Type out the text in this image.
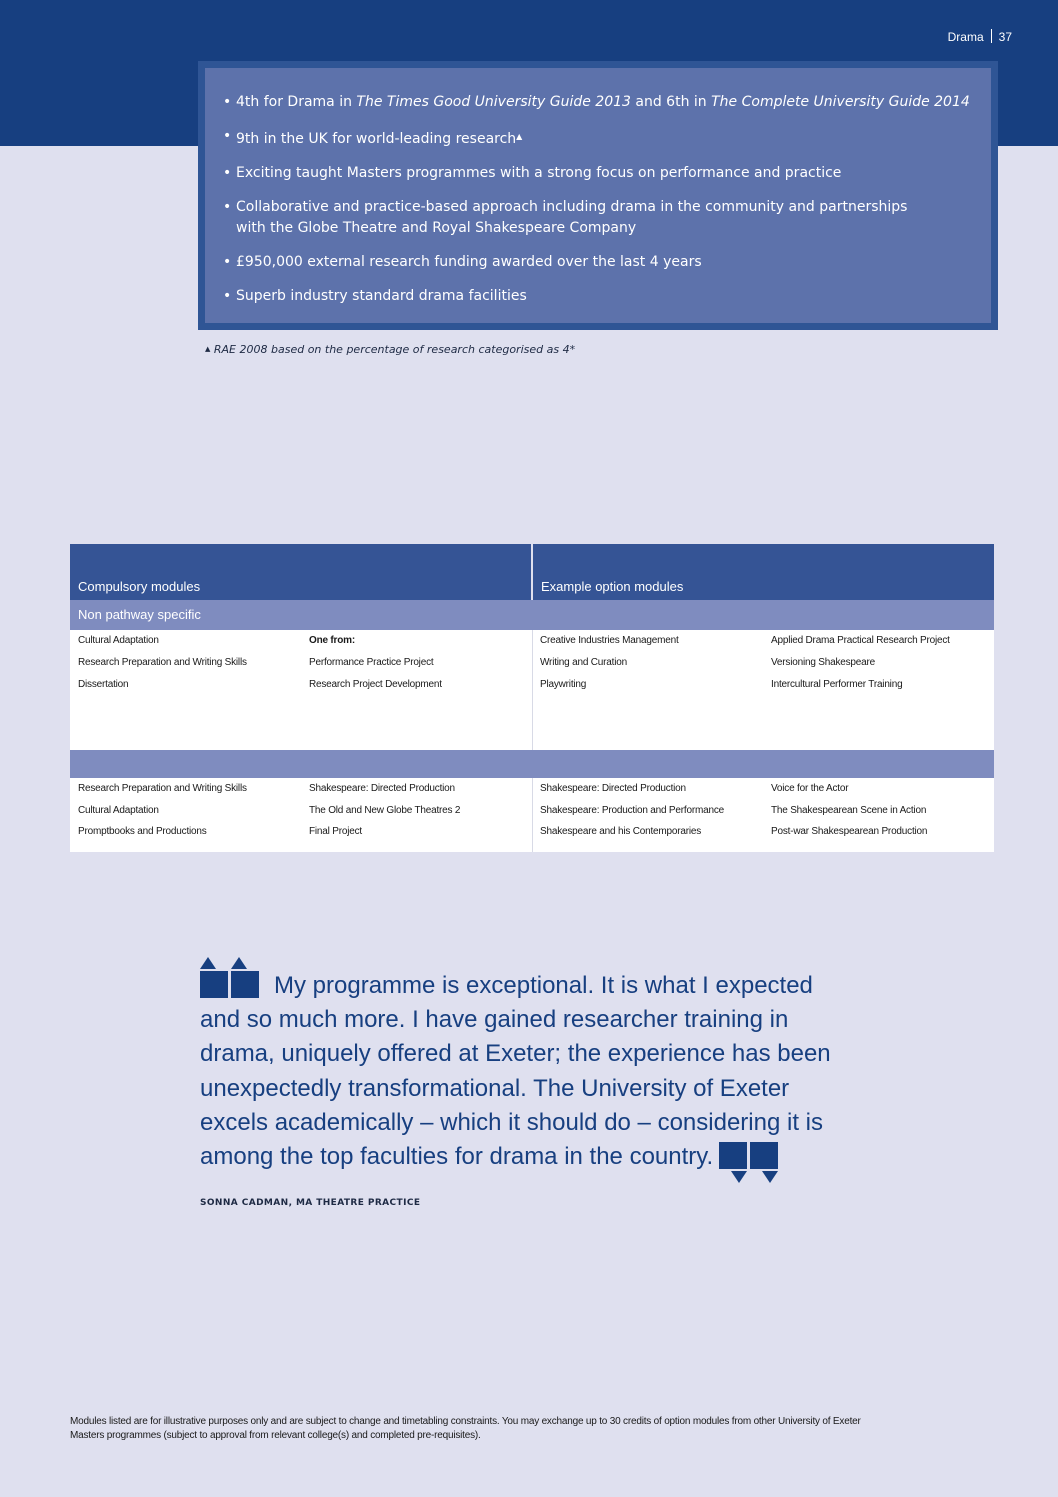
Drama 37
• 4th for Drama in The Times Good University Guide 2013 and 6th in The Complete University Guide 2014
• 9th in the UK for world-leading research▲
• Exciting taught Masters programmes with a strong focus on performance and practice
• Collaborative and practice-based approach including drama in the community and partnerships with the Globe Theatre and Royal Shakespeare Company
• £950,000 external research funding awarded over the last 4 years
• Superb industry standard drama facilities
▲ RAE 2008 based on the percentage of research categorised as 4*
Compulsory modules	Example option modules
Non pathway specific
Cultural Adaptation
Research Preparation and Writing Skills
Dissertation
One from:
Performance Practice Project
Research Project Development
Creative Industries Management
Writing and Curation
Playwriting
Applied Drama Practical Research Project
Versioning Shakespeare
Intercultural Performer Training
Research Preparation and Writing Skills
Cultural Adaptation
Promptbooks and Productions
Shakespeare: Directed Production
The Old and New Globe Theatres 2
Final Project
Shakespeare: Directed Production
Shakespeare: Production and Performance
Shakespeare and his Contemporaries
Voice for the Actor
The Shakespearean Scene in Action
Post-war Shakespearean Production

My programme is exceptional. It is what I expected and so much more. I have gained researcher training in drama, uniquely offered at Exeter; the experience has been unexpectedly transformational. The University of Exeter excels academically – which it should do – considering it is among the top faculties for drama in the country.

SONNA CADMAN, MA THEATRE PRACTICE
Modules listed are for illustrative purposes only and are subject to change and timetabling constraints. You may exchange up to 30 credits of option modules from other University of Exeter Masters programmes (subject to approval from relevant college(s) and completed pre-requisites).
